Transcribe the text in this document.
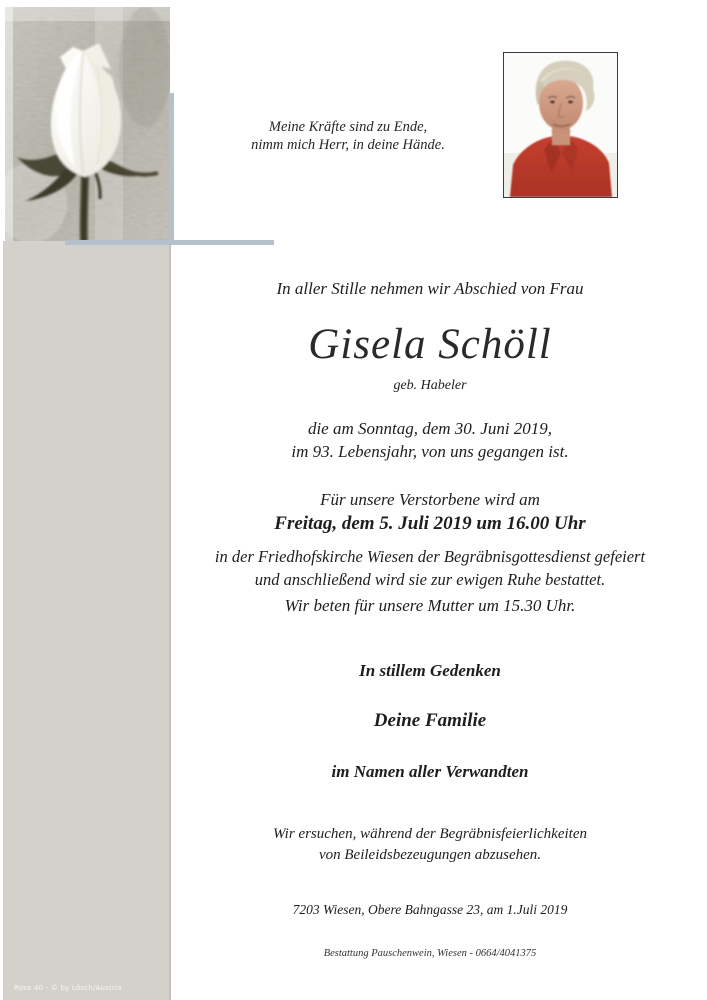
Rose 40 - © by Lösch/Austria
Meine Kräfte sind zu Ende,
nimm mich Herr, in deine Hände.
In aller Stille nehmen wir Abschied von Frau
Gisela Schöll
geb. Habeler
die am Sonntag, dem 30. Juni 2019,
im 93. Lebensjahr, von uns gegangen ist.
Für unsere Verstorbene wird am
Freitag, dem 5. Juli 2019 um 16.00 Uhr
in der Friedhofskirche Wiesen der Begräbnisgottesdienst gefeiert
und anschließend wird sie zur ewigen Ruhe bestattet.
Wir beten für unsere Mutter um 15.30 Uhr.
In stillem Gedenken
Deine Familie
im Namen aller Verwandten
Wir ersuchen, während der Begräbnisfeierlichkeiten
von Beileidsbezeugungen abzusehen.
7203 Wiesen, Obere Bahngasse 23, am 1.Juli 2019
Bestattung Pauschenwein, Wiesen - 0664/4041375
